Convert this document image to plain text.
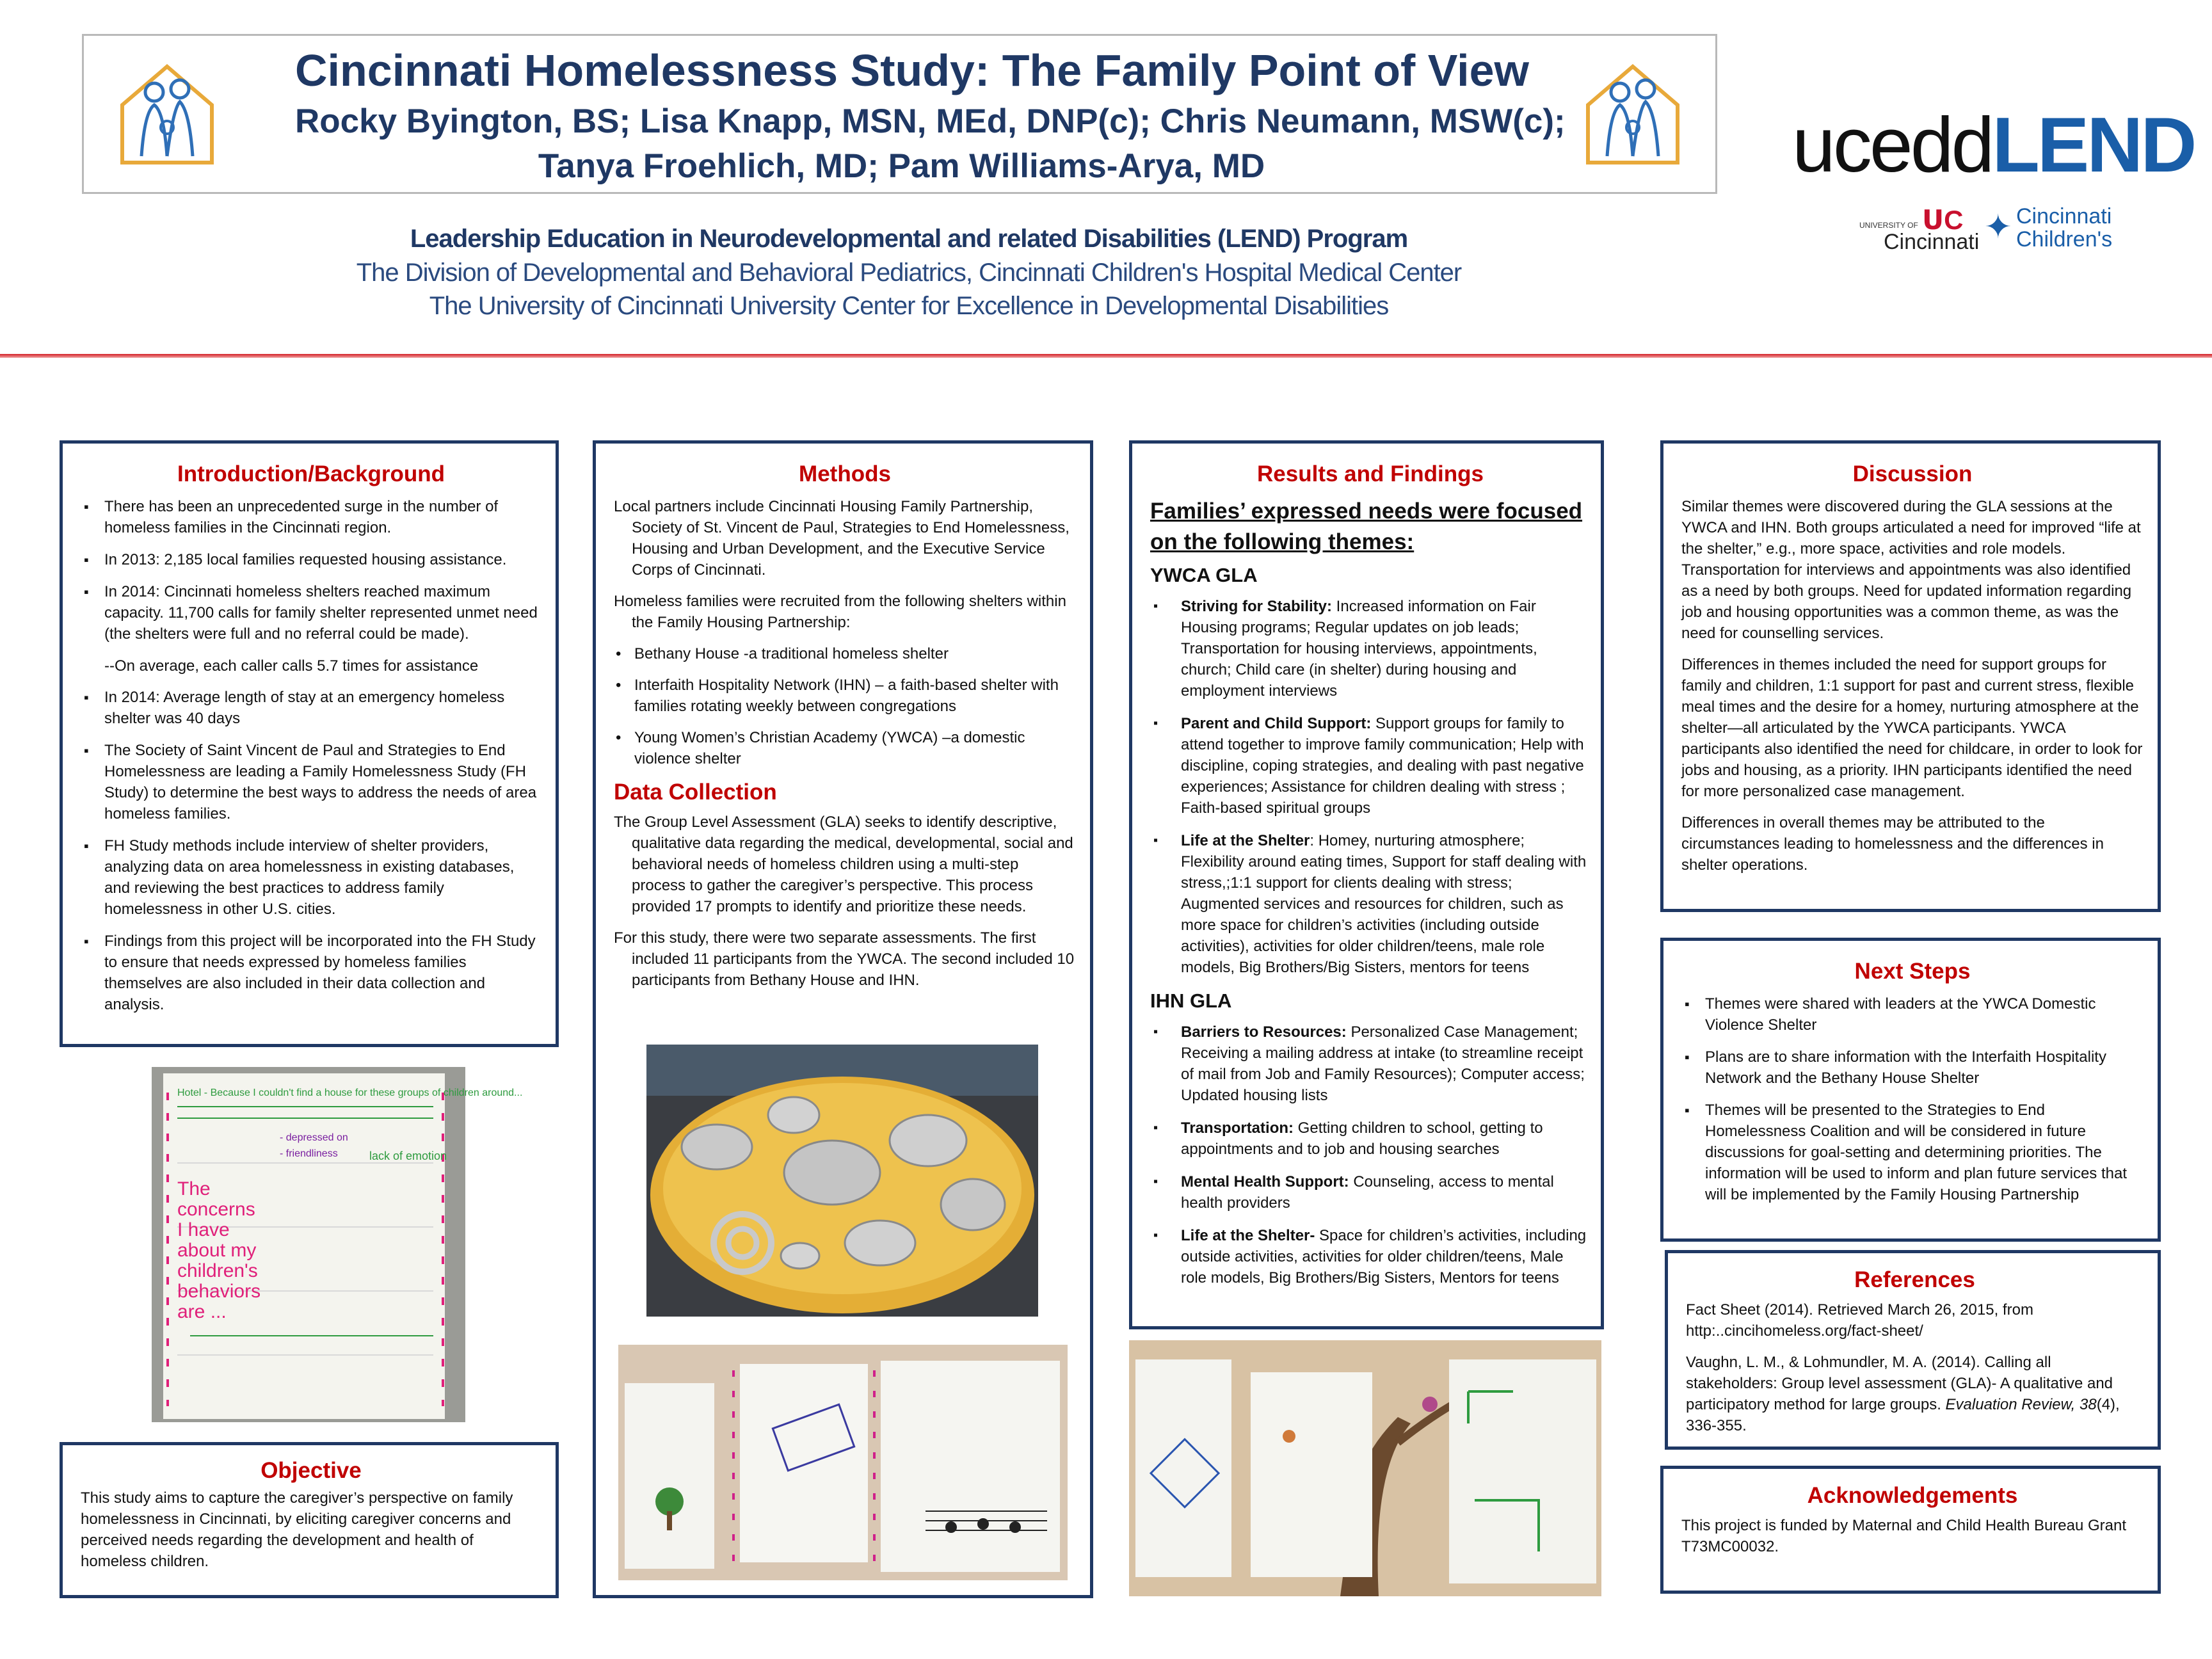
Cincinnati Homelessness Study: The Family Point of View
Rocky Byington, BS; Lisa Knapp, MSN, MEd, DNP(c); Chris Neumann, MSW(c);
Tanya Froehlich, MD; Pam Williams-Arya, MD	uceddLEND
UNIVERSITY OF ꓴC
Cincinnati ✦ Cincinnati
Children's
Leadership Education in Neurodevelopmental and related Disabilities (LEND) Program
The Division of Developmental and Behavioral Pediatrics, Cincinnati Children's Hospital Medical Center
The University of Cincinnati University Center for Excellence in Developmental Disabilities
Introduction/Background
▪ There has been an unprecedented surge in the number of homeless families in the Cincinnati region.
▪ In 2013: 2,185 local families requested housing assistance.
▪ In 2014: Cincinnati homeless shelters reached maximum capacity. 11,700 calls for family shelter represented unmet need (the shelters were full and no referral could be made).

--On average, each caller calls 5.7 times for assistance

▪ In 2014: Average length of stay at an emergency homeless shelter was 40 days
▪ The Society of Saint Vincent de Paul and Strategies to End Homelessness are leading a Family Homelessness Study (FH Study) to determine the best ways to address the needs of area homeless families.
▪ FH Study methods include interview of shelter providers, analyzing data on area homelessness in existing databases, and reviewing the best practices to address family homelessness in other U.S. cities.
▪ Findings from this project will be incorporated into the FH Study to ensure that needs expressed by homeless families themselves are also included in their data collection and analysis.
Hotel - Because I couldn't find a house for these groups of children around...
- depressed on
- friendliness	lack of emotion
The concerns I have about my children's behaviors are ...
Objective

This study aims to capture the caregiver’s perspective on family homelessness in Cincinnati, by eliciting caregiver concerns and perceived needs regarding the development and health of homeless children.

Methods

Local partners include Cincinnati Housing Family Partnership, Society of St. Vincent de Paul, Strategies to End Homelessness, Housing and Urban Development, and the Executive Service Corps of Cincinnati.

Homeless families were recruited from the following shelters within the Family Housing Partnership:

• Bethany House -a traditional homeless shelter
• Interfaith Hospitality Network (IHN) – a faith-based shelter with families rotating weekly between congregations
• Young Women’s Christian Academy (YWCA) –a domestic violence shelter
Data Collection

The Group Level Assessment (GLA) seeks to identify descriptive, qualitative data regarding the medical, developmental, social and behavioral needs of homeless children using a multi-step process to gather the caregiver’s perspective. This process provided 17 prompts to identify and prioritize these needs.

For this study, there were two separate assessments. The first included 11 participants from the YWCA. The second included 10 participants from Bethany House and IHN.

Results and Findings
Families’ expressed needs were focused on the following themes:
YWCA GLA
▪ Striving for Stability: Increased information on Fair Housing programs; Regular updates on job leads; Transportation for housing interviews, appointments, church; Child care (in shelter) during housing and employment interviews
▪ Parent and Child Support: Support groups for family to attend together to improve family communication; Help with discipline, coping strategies, and dealing with past negative experiences; Assistance for children dealing with stress ; Faith-based spiritual groups
▪ Life at the Shelter: Homey, nurturing atmosphere; Flexibility around eating times, Support for staff dealing with stress,;1:1 support for clients dealing with stress; Augmented services and resources for children, such as more space for children’s activities (including outside activities), activities for older children/teens, male role models, Big Brothers/Big Sisters, mentors for teens
IHN GLA
▪ Barriers to Resources: Personalized Case Management; Receiving a mailing address at intake (to streamline receipt of mail from Job and Family Resources); Computer access; Updated housing lists
▪ Transportation: Getting children to school, getting to appointments and to job and housing searches
▪ Mental Health Support: Counseling, access to mental health providers
▪ Life at the Shelter- Space for children’s activities, including outside activities, activities for older children/teens, Male role models, Big Brothers/Big Sisters, Mentors for teens
Discussion

Similar themes were discovered during the GLA sessions at the YWCA and IHN. Both groups articulated a need for improved “life at the shelter,” e.g., more space, activities and role models. Transportation for interviews and appointments was also identified as a need by both groups. Need for updated information regarding job and housing opportunities was a common theme, as was the need for counselling services.

Differences in themes included the need for support groups for family and children, 1:1 support for past and current stress, flexible meal times and the desire for a homey, nurturing atmosphere at the shelter—all articulated by the YWCA participants. YWCA participants also identified the need for childcare, in order to look for jobs and housing, as a priority. IHN participants identified the need for more personalized case management.

Differences in overall themes may be attributed to the circumstances leading to homelessness and the differences in shelter operations.

Next Steps
▪ Themes were shared with leaders at the YWCA Domestic Violence Shelter
▪ Plans are to share information with the Interfaith Hospitality Network and the Bethany House Shelter
▪ Themes will be presented to the Strategies to End Homelessness Coalition and will be considered in future discussions for goal-setting and determining priorities. The information will be used to inform and plan future services that will be implemented by the Family Housing Partnership
References

Fact Sheet (2014). Retrieved March 26, 2015, from http:..cincihomeless.org/fact-sheet/

Vaughn, L. M., & Lohmundler, M. A. (2014). Calling all stakeholders: Group level assessment (GLA)- A qualitative and participatory method for large groups. Evaluation Review, 38(4), 336-355.

Acknowledgements

This project is funded by Maternal and Child Health Bureau Grant T73MC00032.
